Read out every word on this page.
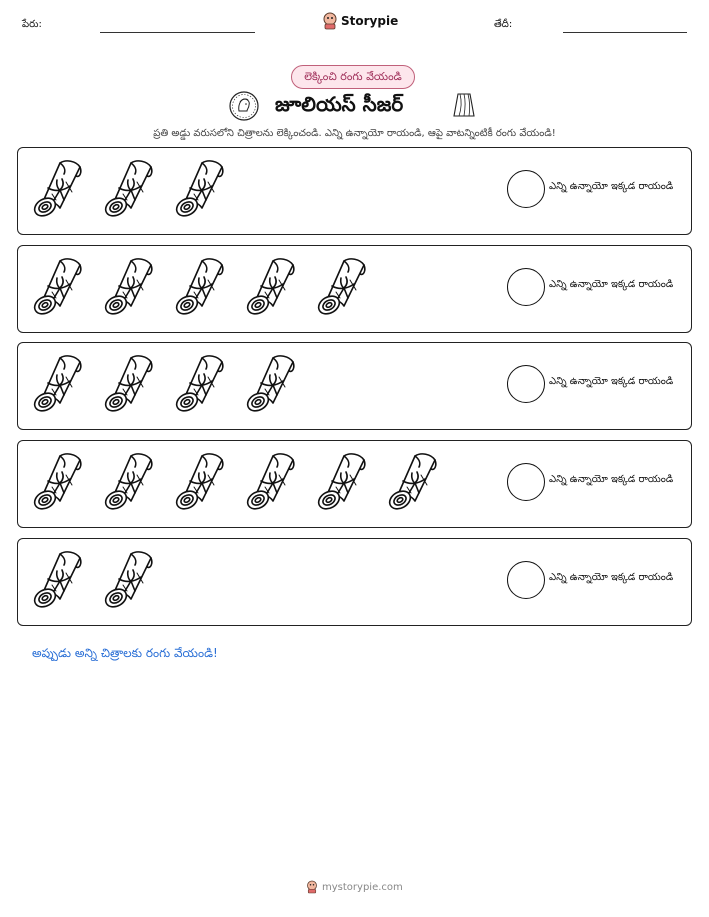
పేరు:	Storypie	తేదీ:
లెక్కించి రంగు వేయండి
జూలియస్ సీజర్
ప్రతి అడ్డు వరుసలోని చిత్రాలను లెక్కించండి. ఎన్ని ఉన్నాయో రాయండి, ఆపై వాటన్నింటికీ రంగు వేయండి!
ఎన్ని ఉన్నాయో ఇక్కడ రాయండి
ఎన్ని ఉన్నాయో ఇక్కడ రాయండి
ఎన్ని ఉన్నాయో ఇక్కడ రాయండి
ఎన్ని ఉన్నాయో ఇక్కడ రాయండి
ఎన్ని ఉన్నాయో ఇక్కడ రాయండి
అప్పుడు అన్ని చిత్రాలకు రంగు వేయండి!
mystorypie.com
